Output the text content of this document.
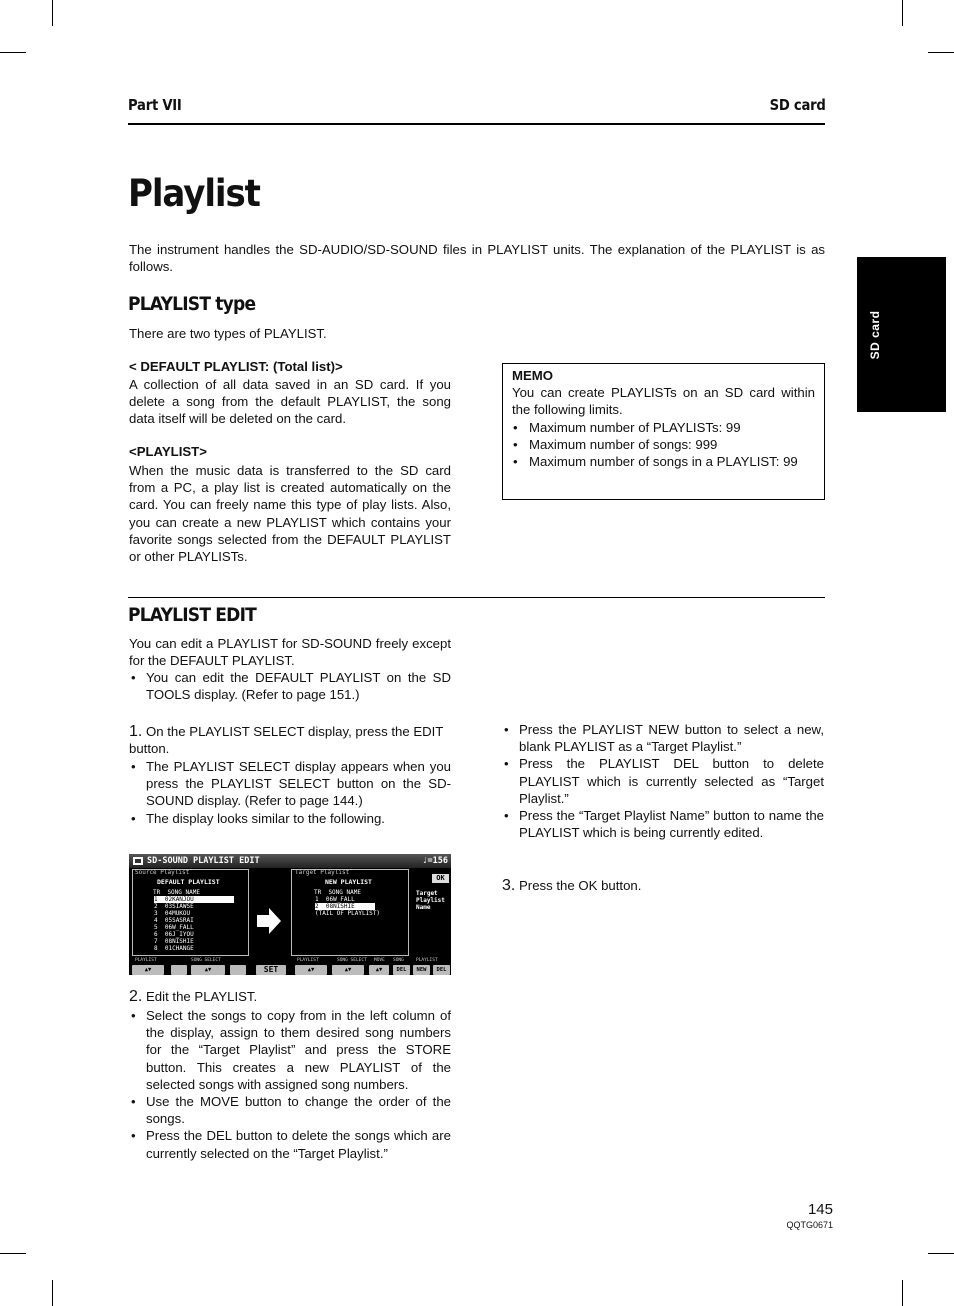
Part VII	SD card
SD card
Playlist
The instrument handles the SD-AUDIO/SD-SOUND files in PLAYLIST units. The explanation of the PLAYLIST is as follows.
PLAYLIST type
There are two types of PLAYLIST.
< DEFAULT PLAYLIST: (Total list)>
A collection of all data saved in an SD card. If you delete a song from the default PLAYLIST, the song data itself will be deleted on the card.
<PLAYLIST>
When the music data is transferred to the SD card from a PC, a play list is created automatically on the card. You can freely name this type of play lists. Also, you can create a new PLAYLIST which contains your favorite songs selected from the DEFAULT PLAYLIST or other PLAYLISTs.
MEMO
You can create PLAYLISTs on an SD card within the following limits.
• Maximum number of PLAYLISTs: 99
• Maximum number of songs: 999
• Maximum number of songs in a PLAYLIST: 99
PLAYLIST EDIT
You can edit a PLAYLIST for SD-SOUND freely except for the DEFAULT PLAYLIST.
• You can edit the DEFAULT PLAYLIST on the SD TOOLS display. (Refer to page 151.)
1. On the PLAYLIST SELECT display, press the EDIT button.
• The PLAYLIST SELECT display appears when you press the PLAYLIST SELECT button on the SD-SOUND display. (Refer to page 144.)
• The display looks similar to the following.
SD-SOUND PLAYLIST EDIT	♩=156
Source Playlist
DEFAULT PLAYLIST
TR  SONG NAME
1 02KANJOU
2 03SIAWSE
3 04MUKOU
4 05SASRAI
5 06W_FALL
6 06J_IYOU
7 08NISHIE
8 01CHANGE
Target Playlist
NEW PLAYLIST
TR  SONG NAME
1 06W_FALL
2 08NISHIE
(TAIL OF PLAYLIST)
OK
Target
Playlist
Name
PLAYLIST	SONG SELECT	PLAYLIST	SONG SELECT MOVE SONG	PLAYLIST
▲▼	▲▼	SET	▲▼	▲▼	▲▼	DEL	NEW	DEL
2. Edit the PLAYLIST.
• Select the songs to copy from in the left column of the display, assign to them desired song numbers for the “Target Playlist” and press the STORE button. This creates a new PLAYLIST of the selected songs with assigned song numbers.
• Use the MOVE button to change the order of the songs.
• Press the DEL button to delete the songs which are currently selected on the “Target Playlist.”
• Press the PLAYLIST NEW button to select a new, blank PLAYLIST as a “Target Playlist.”
• Press the PLAYLIST DEL button to delete PLAYLIST which is currently selected as “Target Playlist.”
• Press the “Target Playlist Name” button to name the PLAYLIST which is being currently edited.
3. Press the OK button.
145
QQTG0671
